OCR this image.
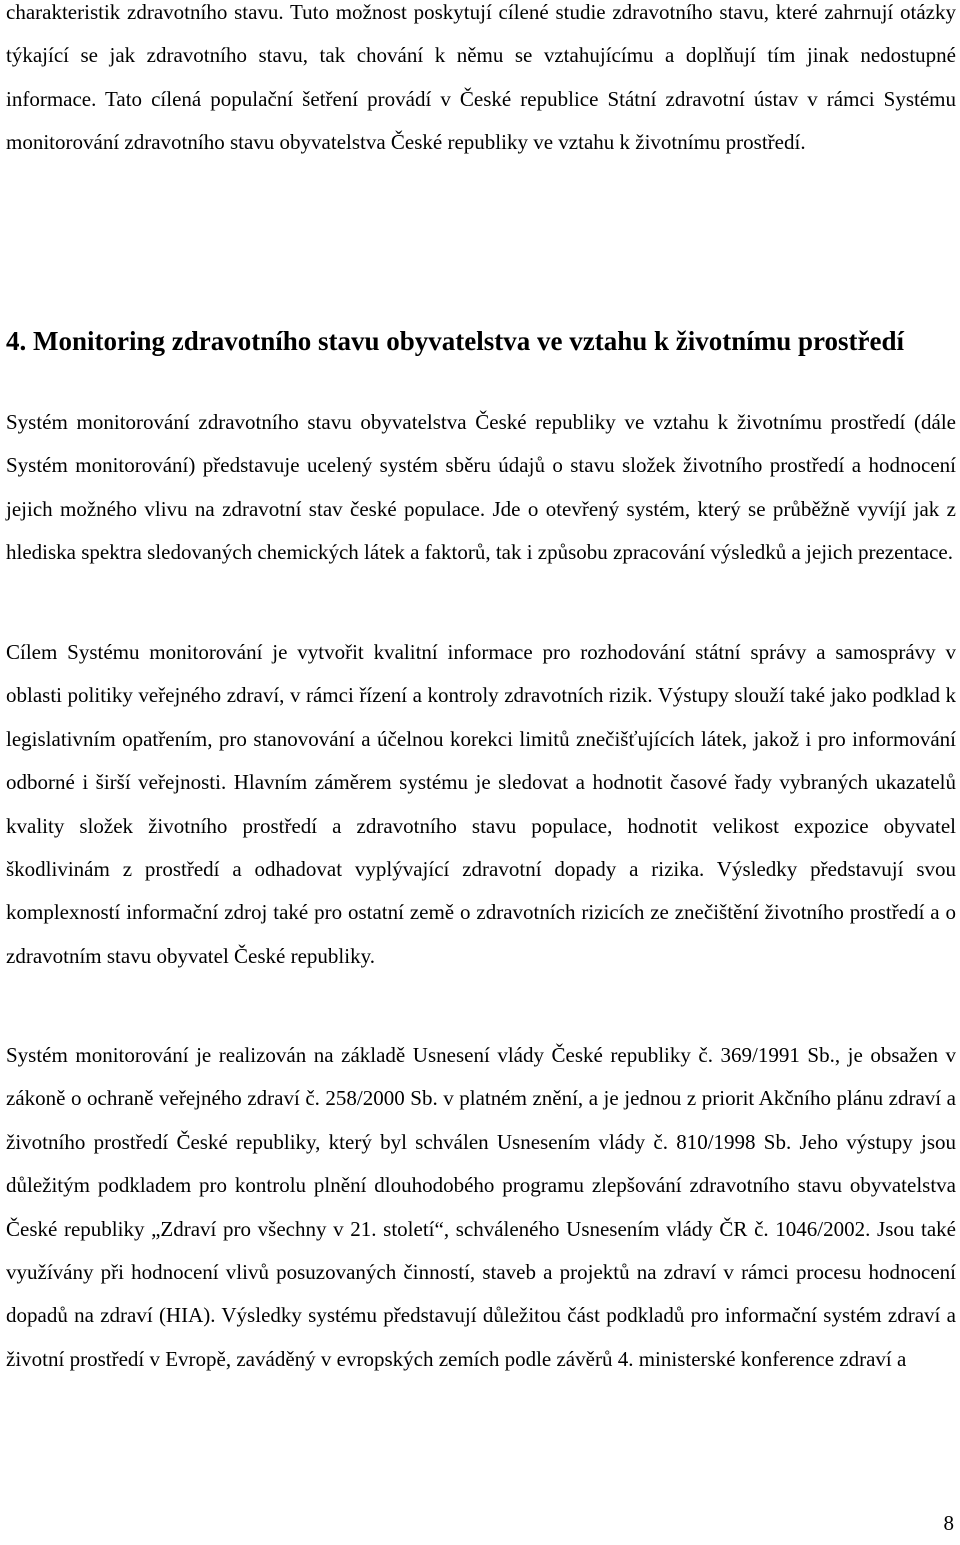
charakteristik zdravotního stavu. Tuto možnost poskytují cílené studie zdravotního stavu, které zahrnují otázky týkající se jak zdravotního stavu, tak chování k němu se vztahujícímu a doplňují tím jinak nedostupné informace. Tato cílená populační šetření provádí v České republice Státní zdravotní ústav v rámci Systému monitorování zdravotního stavu obyvatelstva České republiky ve vztahu k životnímu prostředí.

4. Monitoring zdravotního stavu obyvatelstva ve vztahu k životnímu prostředí

Systém monitorování zdravotního stavu obyvatelstva České republiky ve vztahu k životnímu prostředí (dále Systém monitorování) představuje ucelený systém sběru údajů o stavu složek životního prostředí a hodnocení jejich možného vlivu na zdravotní stav české populace. Jde o otevřený systém, který se průběžně vyvíjí jak z hlediska spektra sledovaných chemických látek a faktorů, tak i způsobu zpracování výsledků a jejich prezentace.

Cílem Systému monitorování je vytvořit kvalitní informace pro rozhodování státní správy a samosprávy v oblasti politiky veřejného zdraví, v rámci řízení a kontroly zdravotních rizik. Výstupy slouží také jako podklad k legislativním opatřením, pro stanovování a účelnou korekci limitů znečišťujících látek, jakož i pro informování odborné i širší veřejnosti. Hlavním záměrem systému je sledovat a hodnotit časové řady vybraných ukazatelů kvality složek životního prostředí a zdravotního stavu populace, hodnotit velikost expozice obyvatel škodlivinám z prostředí a odhadovat vyplývající zdravotní dopady a rizika. Výsledky představují svou komplexností informační zdroj také pro ostatní země o zdravotních rizicích ze znečištění životního prostředí a o zdravotním stavu obyvatel České republiky.

Systém monitorování je realizován na základě Usnesení vlády České republiky č. 369/1991 Sb., je obsažen v zákoně o ochraně veřejného zdraví č. 258/2000 Sb. v platném znění, a je jednou z priorit Akčního plánu zdraví a životního prostředí České republiky, který byl schválen Usnesením vlády č. 810/1998 Sb. Jeho výstupy jsou důležitým podkladem pro kontrolu plnění dlouhodobého programu zlepšování zdravotního stavu obyvatelstva České republiky „Zdraví pro všechny v 21. století“, schváleného Usnesením vlády ČR č. 1046/2002. Jsou také využívány při hodnocení vlivů posuzovaných činností, staveb a projektů na zdraví v rámci procesu hodnocení dopadů na zdraví (HIA). Výsledky systému představují důležitou část podkladů pro informační systém zdraví a životní prostředí v Evropě, zaváděný v evropských zemích podle závěrů 4. ministerské konference zdraví a

8
